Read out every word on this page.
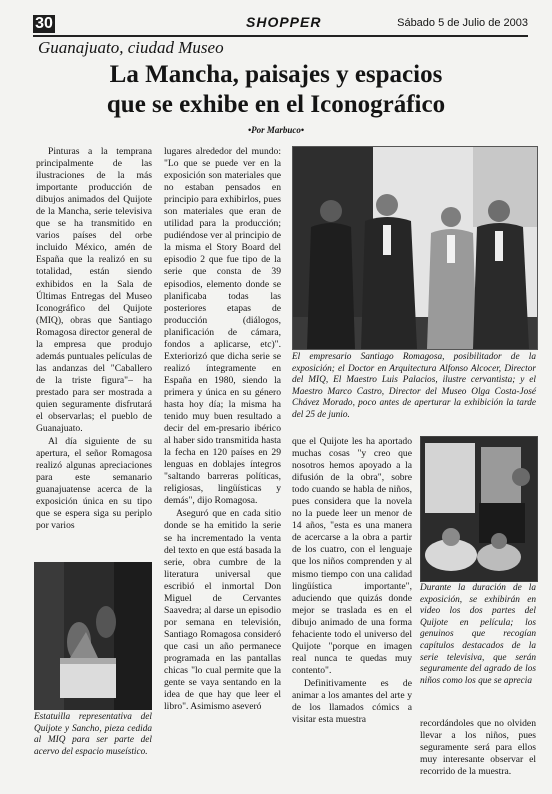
30	SHOPPER	Sábado 5 de Julio de 2003
Guanajuato, ciudad Museo
La Mancha, paisajes y espacios
que se exhibe en el Iconográfico
•Por Marbuco•

Pinturas a la temprana principalmente de las ilustraciones de la más importante producción de dibujos animados del Quijote de la Mancha, serie televisiva que se ha transmitido en varios países del orbe incluido México, amén de España que la realizó en su totalidad, están siendo exhibidos en la Sala de Últimas Entregas del Museo Iconográfico del Quijote (MIQ), obras que Santiago Romagosa director general de la empresa que produjo además puntuales películas de las andanzas del "Caballero de la triste figura"– ha prestado para ser mostrada a quien seguramente disfrutará el observarlas; el pueblo de Guanajuato.

Al día siguiente de su apertura, el señor Romagosa realizó algunas apreciaciones para este semanario guanajuatense acerca de la exposición única en su tipo que se espera siga su periplo por varios

Estatuilla representativa del Quijote y Sancho, pieza cedida al MIQ para ser parte del acervo del espacio museístico.

lugares alrededor del mundo: "Lo que se puede ver en la exposición son materiales que no estaban pensados en principio para exhibirlos, pues son materiales que eran de utilidad para la producción; pudiéndose ver al principio de la misma el Story Board del episodio 2 que fue tipo de la serie que consta de 39 episodios, elemento donde se planificaba todas las posteriores etapas de producción (diálogos, planificación de cámara, fondos a aplicarse, etc)". Exteriorizó que dicha serie se realizó íntegramente en España en 1980, siendo la primera y única en su género hasta hoy día; la misma ha tenido muy buen resultado a decir del em-presario ibérico al haber sido transmitida hasta la fecha en 120 países en 29 lenguas en doblajes íntegros "saltando barreras políticas, religiosas, lingüísticas y demás", dijo Romagosa.

Aseguró que en cada sitio donde se ha emitido la serie se ha incrementado la venta del texto en que está basada la serie, obra cumbre de la literatura universal que escribió el inmortal Don Miguel de Cervantes Saavedra; al darse un episodio por semana en televisión, Santiago Romagosa consideró que casi un año permanece programada en las pantallas chicas "lo cual permite que la gente se vaya sentando en la idea de que hay que leer el libro". Asimismo aseveró

El empresario Santiago Romagosa, posibilitador de la exposición; el Doctor en Arquitectura Alfonso Alcocer, Director del MIQ, El Maestro Luis Palacios, ilustre cervantista; y el Maestro Marco Castro, Director del Museo Olga Costa-José Chávez Morado, poco antes de aperturar la exhibición la tarde del 25 de junio.

que el Quijote les ha aportado muchas cosas "y creo que nosotros hemos apoyado a la difusión de la obra", sobre todo cuando se habla de niños, pues considera que la novela no la puede leer un menor de 14 años, "esta es una manera de acercarse a la obra a partir de los cuatro, con el lenguaje que los niños comprenden y al mismo tiempo con una calidad lingüística importante", aduciendo que quizás donde mejor se traslada es en el dibujo animado de una forma fehaciente todo el universo del Quijote "porque en imagen real nunca te quedas muy contento".

Definitivamente es de animar a los amantes del arte y de los llamados cómics a visitar esta muestra

Durante la duración de la exposición, se exhibirán en video los dos partes del Quijote en película; los genuinos que recogían capítulos destacados de la serie televisiva, que serán seguramente del agrado de los niños como los que se aprecia

recordándoles que no olviden llevar a los niños, pues seguramente será para ellos muy interesante observar el recorrido de la muestra.
